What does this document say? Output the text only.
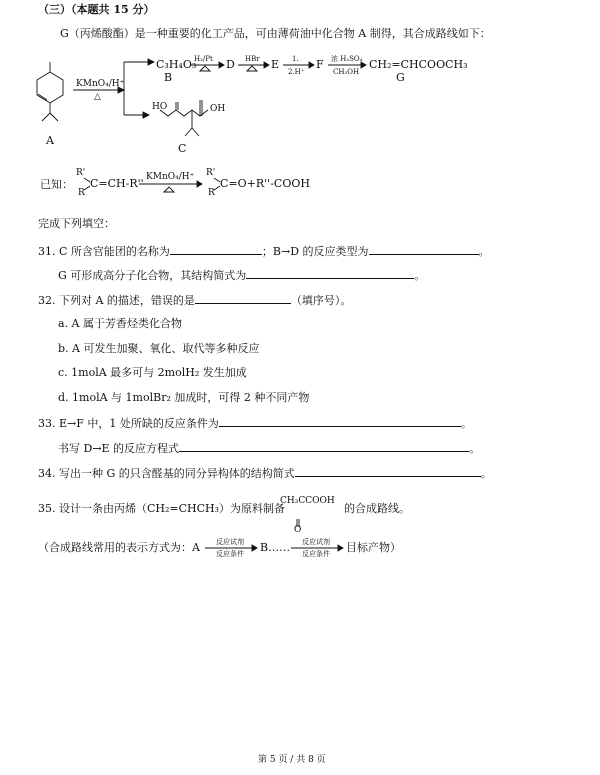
（三）（本题共 15 分）
G（丙烯酸酯）是一种重要的化工产品，可由薄荷油中化合物 A 制得，其合成路线如下：
KMnO₄/H⁺
△
A
C₃H₄O₃
B
H₂/Pt D HBr E 1.
2.H⁺
F 浓 H₂SO₄
CH₃OH
CH₂=CHCOOCH₃
G
HO	OH
C
已知：
R'
R
C=CH-R'' KMnO₄/H⁺ R'
R
C=O+R''-COOH
完成下列填空：
31. C 所含官能团的名称为	；B→D 的反应类型为	。
G 可形成高分子化合物，其结构简式为	。
32. 下列对 A 的描述，错误的是	（填序号）。
a. A 属于芳香烃类化合物
b. A 可发生加聚、氧化、取代等多种反应
c. 1molA 最多可与 2molH₂ 发生加成
d. 1molA 与 1molBr₂ 加成时，可得 2 种不同产物
33. E→F 中，1 处所缺的反应条件为	。
书写 D→E 的反应方程式	。
34. 写出一种 G 的只含醛基的同分异构体的结构简式	。
35. 设计一条由丙烯（CH₂=CHCH₃）为原料制备
CH₃CCOOH
O
的合成路线。
（合成路线常用的表示方式为：A 反应试剂
反应条件 B…… 反应试剂
反应条件 目标产物）
第 5 页 / 共 8 页
